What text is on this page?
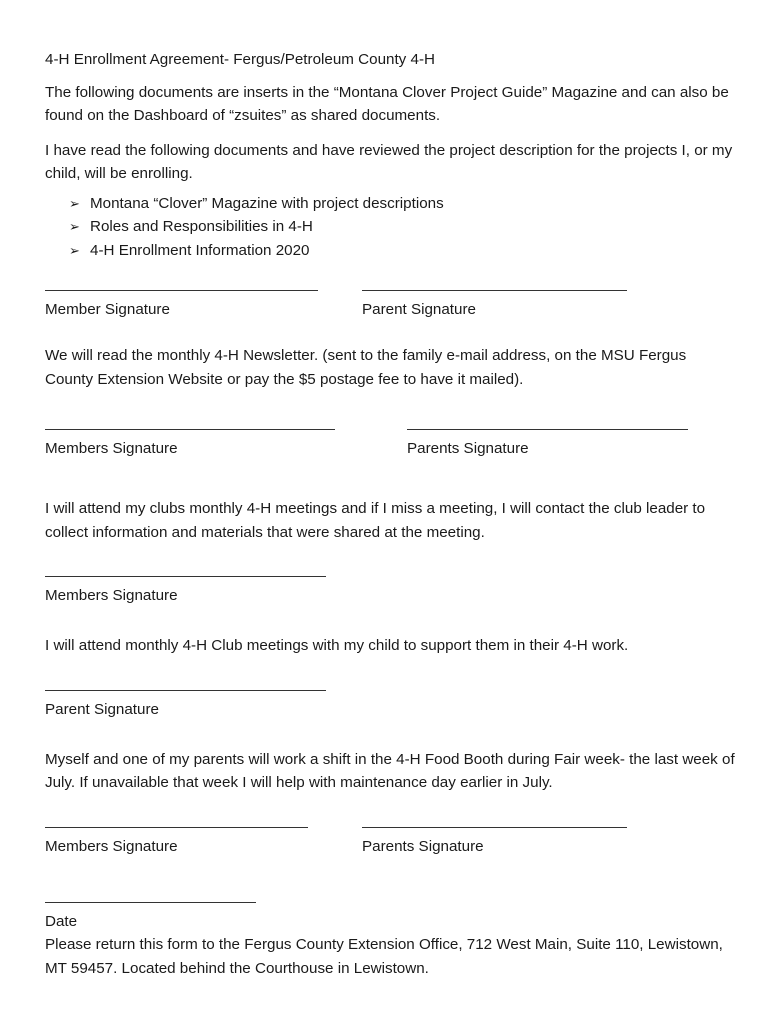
4-H Enrollment Agreement- Fergus/Petroleum County 4-H

The following documents are inserts in the “Montana Clover Project Guide” Magazine and can also be found on the Dashboard of “zsuites” as shared documents.

I have read the following documents and have reviewed the project description for the projects I, or my child, will be enrolling.

➢ Montana “Clover” Magazine with project descriptions
➢ Roles and Responsibilities in 4-H
➢ 4-H Enrollment Information 2020
Member Signature	Parent Signature

We will read the monthly 4-H Newsletter. (sent to the family e-mail address, on the MSU Fergus County Extension Website or pay the $5 postage fee to have it mailed).

Members Signature	Parents Signature

I will attend my clubs monthly 4-H meetings and if I miss a meeting, I will contact the club leader to collect information and materials that were shared at the meeting.

Members Signature

I will attend monthly 4-H Club meetings with my child to support them in their 4-H work.

Parent Signature

Myself and one of my parents will work a shift in the 4-H Food Booth during Fair week- the last week of July. If unavailable that week I will help with maintenance day earlier in July.

Members Signature	Parents Signature
Date

Please return this form to the Fergus County Extension Office, 712 West Main, Suite 110, Lewistown, MT 59457. Located behind the Courthouse in Lewistown.
